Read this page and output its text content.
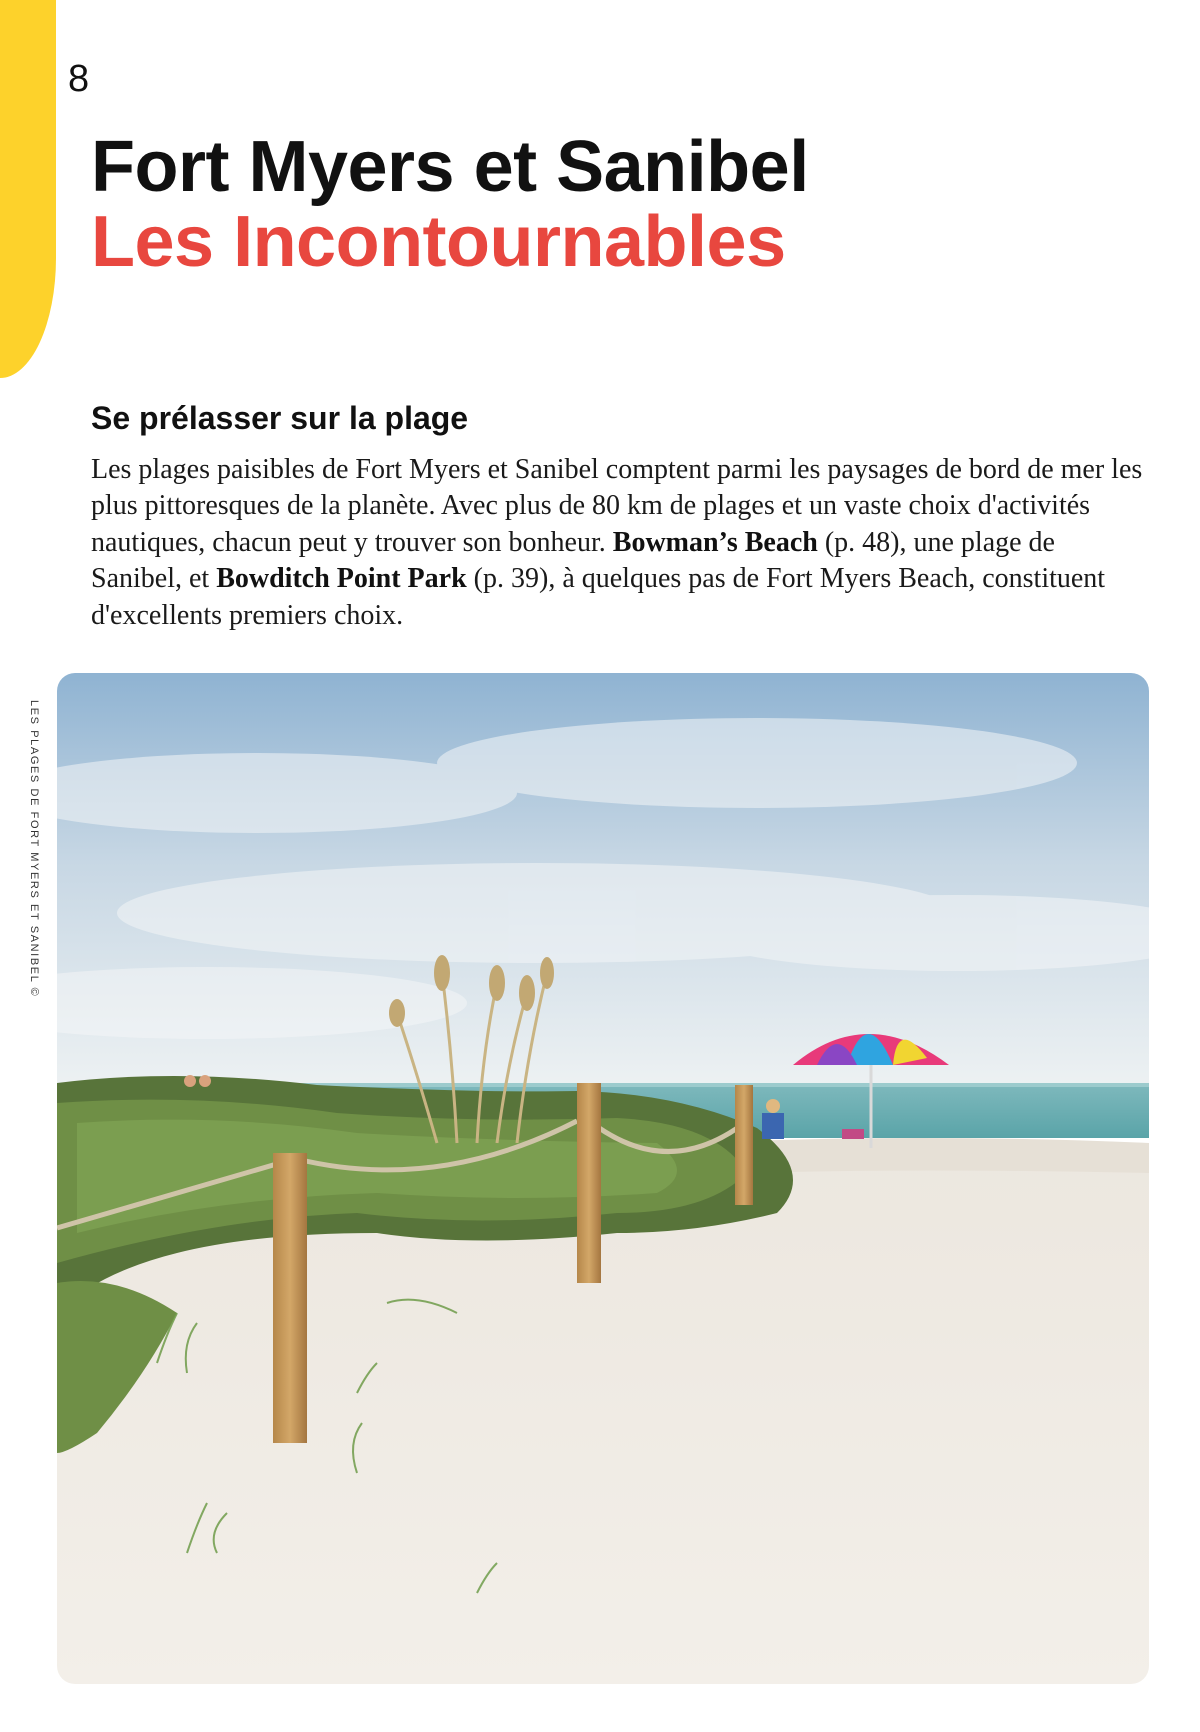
8
Fort Myers et Sanibel
Les Incontournables
Se prélasser sur la plage

Les plages paisibles de Fort Myers et Sanibel comptent parmi les paysages de bord de mer les plus pittoresques de la planète. Avec plus de 80 km de plages et un vaste choix d'activités nautiques, chacun peut y trouver son bonheur. Bowman’s Beach (p. 48), une plage de Sanibel, et Bowditch Point Park (p. 39), à quelques pas de Fort Myers Beach, constituent d'excellents premiers choix.

LES PLAGES DE FORT MYERS ET SANIBEL ©
